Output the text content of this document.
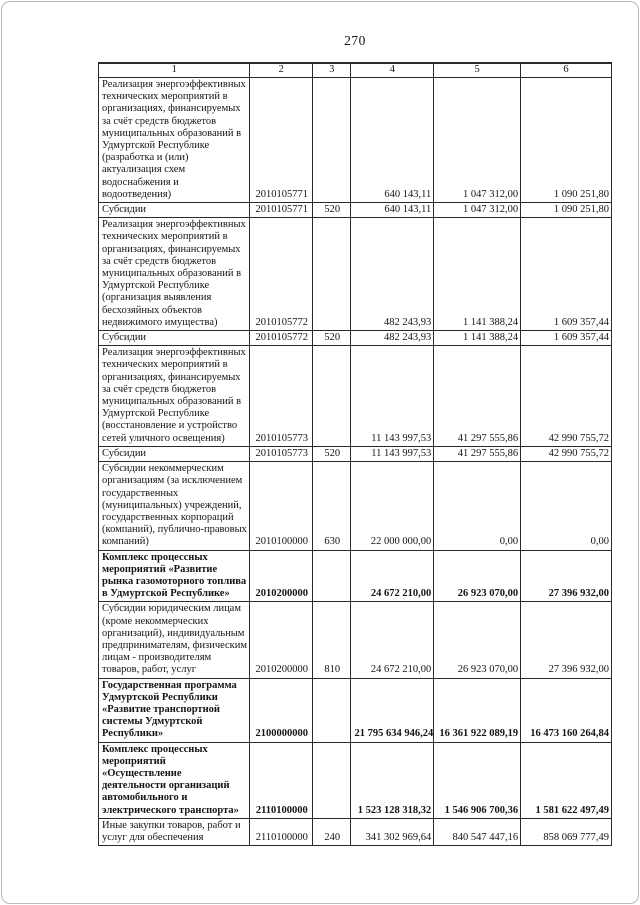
270
1	2	3	4	5	6
Реализация энергоэффективных технических мероприятий в организациях, финансируемых за счёт средств бюджетов муниципальных образований в Удмуртской Республике (разработка и (или) актуализация схем водоснабжения и водоотведения)	2010105771		640 143,11	1 047 312,00	1 090 251,80
Субсидии	2010105771	520	640 143,11	1 047 312,00	1 090 251,80
Реализация энергоэффективных технических мероприятий в организациях, финансируемых за счёт средств бюджетов муниципальных образований в Удмуртской Республике (организация выявления бесхозяйных объектов недвижимого имущества)	2010105772		482 243,93	1 141 388,24	1 609 357,44
Субсидии	2010105772	520	482 243,93	1 141 388,24	1 609 357,44
Реализация энергоэффективных технических мероприятий в организациях, финансируемых за счёт средств бюджетов муниципальных образований в Удмуртской Республике (восстановление и устройство сетей уличного освещения)	2010105773		11 143 997,53	41 297 555,86	42 990 755,72
Субсидии	2010105773	520	11 143 997,53	41 297 555,86	42 990 755,72
Субсидии некоммерческим организациям (за исключением государственных (муниципальных) учреждений, государственных корпораций (компаний), публично-правовых компаний)	2010100000	630	22 000 000,00	0,00	0,00
Комплекс процессных мероприятий «Развитие рынка газомоторного топлива в Удмуртской Республике»	2010200000		24 672 210,00	26 923 070,00	27 396 932,00
Субсидии юридическим лицам (кроме некоммерческих организаций), индивидуальным предпринимателям, физическим лицам - производителям товаров, работ, услуг	2010200000	810	24 672 210,00	26 923 070,00	27 396 932,00
Государственная программа Удмуртской Республики «Развитие транспортной системы Удмуртской Республики»	2100000000		21 795 634 946,24	16 361 922 089,19	16 473 160 264,84
Комплекс процессных мероприятий «Осуществление деятельности организаций автомобильного и электрического транспорта»	2110100000		1 523 128 318,32	1 546 906 700,36	1 581 622 497,49
Иные закупки товаров, работ и услуг для обеспечения	2110100000	240	341 302 969,64	840 547 447,16	858 069 777,49
